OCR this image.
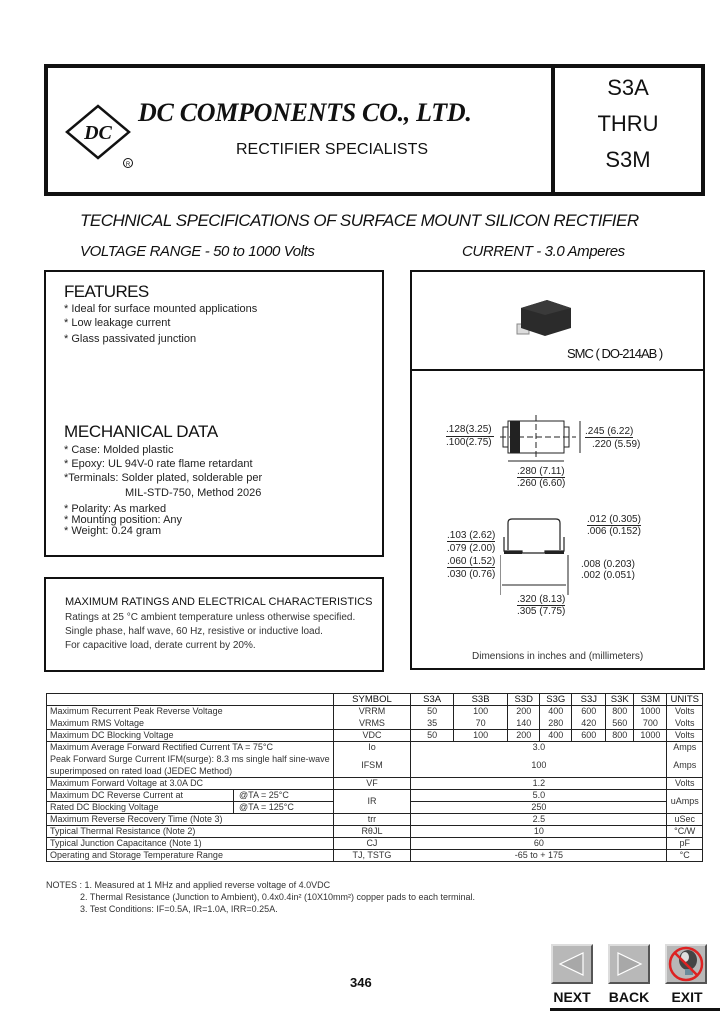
DC
R
DC COMPONENTS CO., LTD.
RECTIFIER SPECIALISTS
S3A
THRU
S3M
TECHNICAL SPECIFICATIONS OF SURFACE MOUNT SILICON RECTIFIER
VOLTAGE RANGE - 50 to 1000 Volts	CURRENT - 3.0 Amperes
FEATURES
* Ideal for surface mounted applications
* Low leakage current
* Glass passivated junction
MECHANICAL DATA
* Case: Molded plastic
* Epoxy: UL 94V-0 rate flame retardant
*Terminals: Solder plated, solderable per
MIL-STD-750, Method 2026
* Polarity: As marked
* Mounting position: Any
* Weight: 0.24 gram
SMC ( DO-214AB )
.128(3.25)
.100(2.75)
.245 (6.22)
.220 (5.59)
.280 (7.11)
.260 (6.60)
.012 (0.305)
.006 (0.152)
.103 (2.62)
.079 (2.00)
.060 (1.52)
.030 (0.76)
.008 (0.203)
.002 (0.051)
.320 (8.13)
.305 (7.75)
Dimensions in inches and (millimeters)
MAXIMUM RATINGS AND ELECTRICAL CHARACTERISTICS
Ratings at 25 °C ambient temperature unless otherwise specified.
Single phase, half wave, 60 Hz, resistive or inductive load.
For capacitive load, derate current by 20%.
	SYMBOL	S3A	S3B	S3D	S3G	S3J	S3K	S3M	UNITS
Maximum Recurrent Peak Reverse Voltage	VRRM	50	100	200	400	600	800	1000	Volts
Maximum RMS Voltage	VRMS	35	70	140	280	420	560	700	Volts
Maximum DC Blocking Voltage	VDC	50	100	200	400	600	800	1000	Volts
Maximum Average Forward Rectified Current TA = 75°C	Io	3.0							Amps
Peak Forward Surge Current IFM(surge): 8.3 ms single half sine-wave	IFSM	100							Amps
superimposed on rated load (JEDEC Method)									
Maximum Forward Voltage at 3.0A DC	VF	1.2							Volts
Maximum DC Reverse Current at @TA = 25°C	IR	5.0							uAmps
Rated DC Blocking Voltage @TA = 125°C		250							
Maximum Reverse Recovery Time (Note 3)	trr	2.5							uSec
Typical Thermal Resistance (Note 2)	RθJL	10							°C/W
Typical Junction Capacitance (Note 1)	CJ	60							pF
Operating and Storage Temperature Range	TJ, TSTG	-65 to + 175							°C
NOTES : 1. Measured at 1 MHz and applied reverse voltage of 4.0VDC
2. Thermal Resistance (Junction to Ambient), 0.4x0.4in² (10X10mm²) copper pads to each terminal.
3. Test Conditions: IF=0.5A, IR=1.0A, IRR=0.25A.
346
NEXT	BACK	EXIT
